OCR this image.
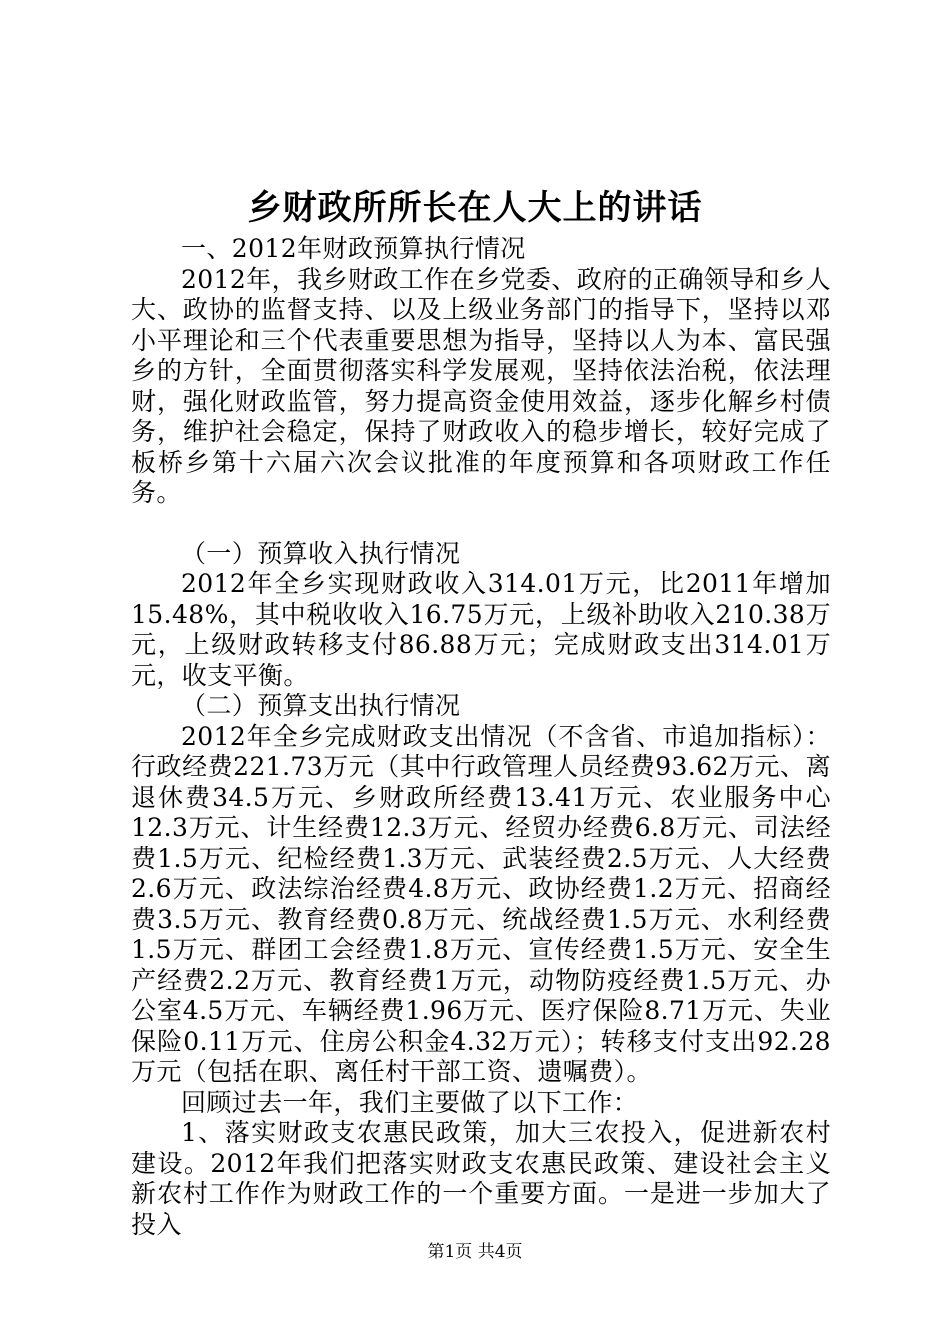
乡财政所所长在人大上的讲话

一、2012年财政预算执行情况

2012年，我乡财政工作在乡党委、政府的正确领导和乡人大、政协的监督支持、以及上级业务部门的指导下，坚持以邓小平理论和三个代表重要思想为指导，坚持以人为本、富民强乡的方针，全面贯彻落实科学发展观，坚持依法治税，依法理财，强化财政监管，努力提高资金使用效益，逐步化解乡村债务，维护社会稳定，保持了财政收入的稳步增长，较好完成了板桥乡第十六届六次会议批准的年度预算和各项财政工作任务。

（一）预算收入执行情况

2012年全乡实现财政收入314.01万元，比2011年增加15.48%，其中税收收入16.75万元，上级补助收入210.38万元，上级财政转移支付86.88万元；完成财政支出314.01万元，收支平衡。

（二）预算支出执行情况

2012年全乡完成财政支出情况（不含省、市追加指标）：行政经费221.73万元（其中行政管理人员经费93.62万元、离退休费34.5万元、乡财政所经费13.41万元、农业服务中心12.3万元、计生经费12.3万元、经贸办经费6.8万元、司法经费1.5万元、纪检经费1.3万元、武装经费2.5万元、人大经费2.6万元、政法综治经费4.8万元、政协经费1.2万元、招商经费3.5万元、教育经费0.8万元、统战经费1.5万元、水利经费1.5万元、群团工会经费1.8万元、宣传经费1.5万元、安全生产经费2.2万元、教育经费1万元，动物防疫经费1.5万元、办公室4.5万元、车辆经费1.96万元、医疗保险8.71万元、失业保险0.11万元、住房公积金4.32万元）；转移支付支出92.28万元（包括在职、离任村干部工资、遗嘱费）。

回顾过去一年，我们主要做了以下工作：

1、落实财政支农惠民政策，加大三农投入，促进新农村建设。2012年我们把落实财政支农惠民政策、建设社会主义新农村工作作为财政工作的一个重要方面。一是进一步加大了投入

第1页 共4页
